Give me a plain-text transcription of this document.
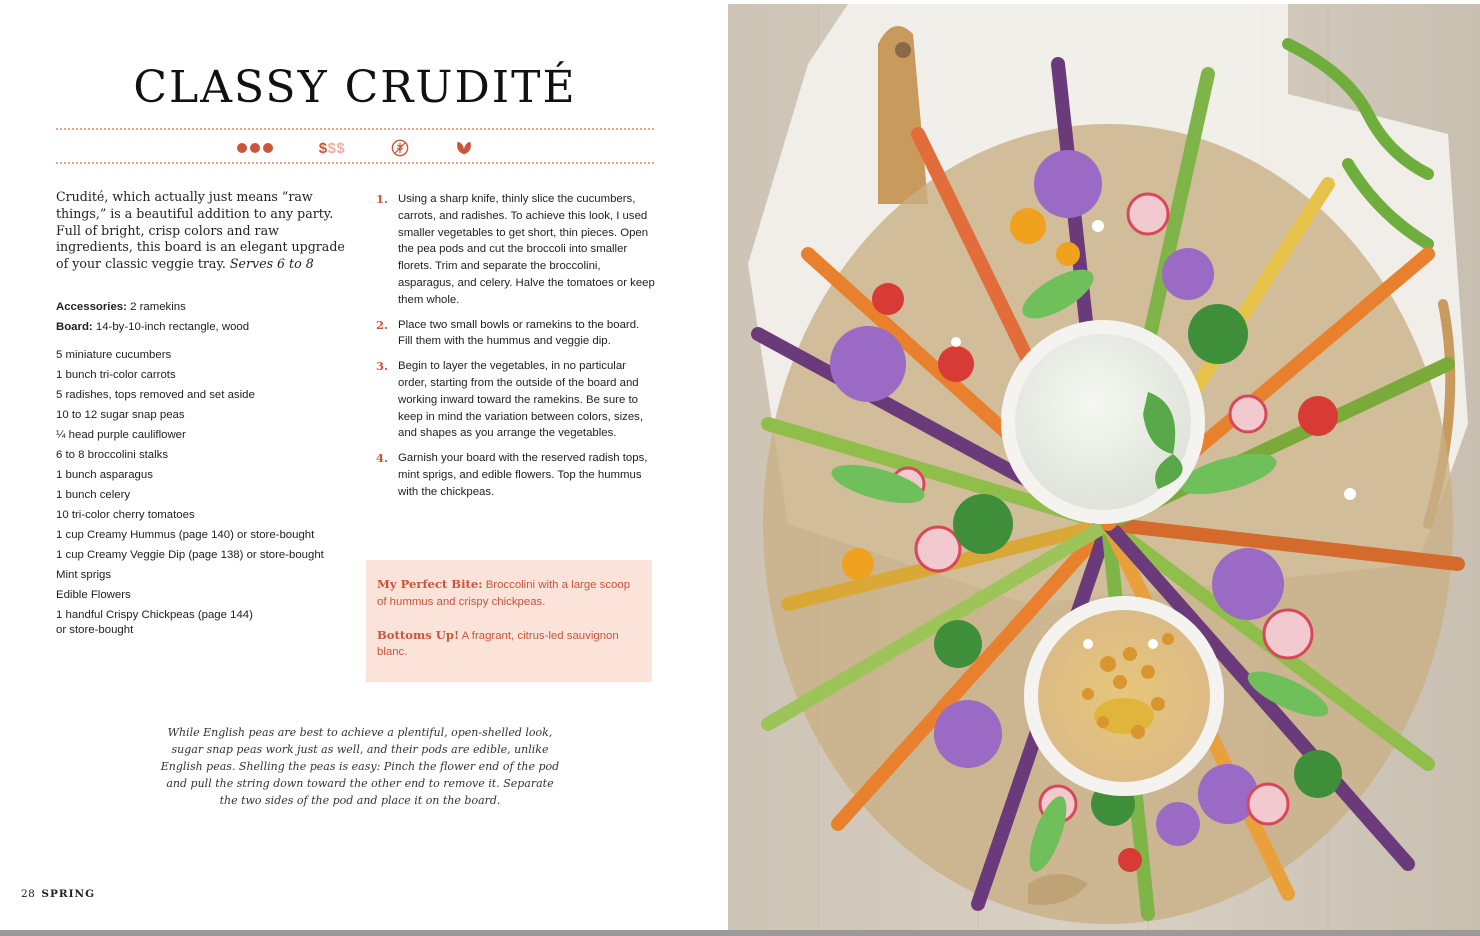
CLASSY CRUDITÉ
$$$
Crudité, which actually just means “raw things,” is a beautiful addition to any party. Full of bright, crisp colors and raw ingredients, this board is an elegant upgrade of your classic veggie tray. Serves 6 to 8
Accessories: 2 ramekins
Board: 14-by-10-inch rectangle, wood
5 miniature cucumbers
1 bunch tri-color carrots
5 radishes, tops removed and set aside
10 to 12 sugar snap peas
¼ head purple cauliflower
6 to 8 broccolini stalks
1 bunch asparagus
1 bunch celery
10 tri-color cherry tomatoes
1 cup Creamy Hummus (page 140) or store-bought
1 cup Creamy Veggie Dip (page 138) or store-bought
Mint sprigs
Edible Flowers
1 handful Crispy Chickpeas (page 144) or store-bought
1. Using a sharp knife, thinly slice the cucumbers, carrots, and radishes. To achieve this look, I used smaller vegetables to get short, thin pieces. Open the pea pods and cut the broccoli into smaller florets. Trim and separate the broccolini, asparagus, and celery. Halve the tomatoes or keep them whole.
2. Place two small bowls or ramekins to the board. Fill them with the hummus and veggie dip.
3. Begin to layer the vegetables, in no particular order, starting from the outside of the board and working inward toward the ramekins. Be sure to keep in mind the variation between colors, sizes, and shapes as you arrange the vegetables.
4. Garnish your board with the reserved radish tops, mint sprigs, and edible flowers. Top the hummus with the chickpeas.

My Perfect Bite: Broccolini with a large scoop of hummus and crispy chickpeas.

Bottoms Up! A fragrant, citrus-led sauvignon blanc.

While English peas are best to achieve a plentiful, open-shelled look, sugar snap peas work just as well, and their pods are edible, unlike English peas. Shelling the peas is easy: Pinch the flower end of the pod and pull the string down toward the other end to remove it. Separate the two sides of the pod and place it on the board.
28 SPRING
